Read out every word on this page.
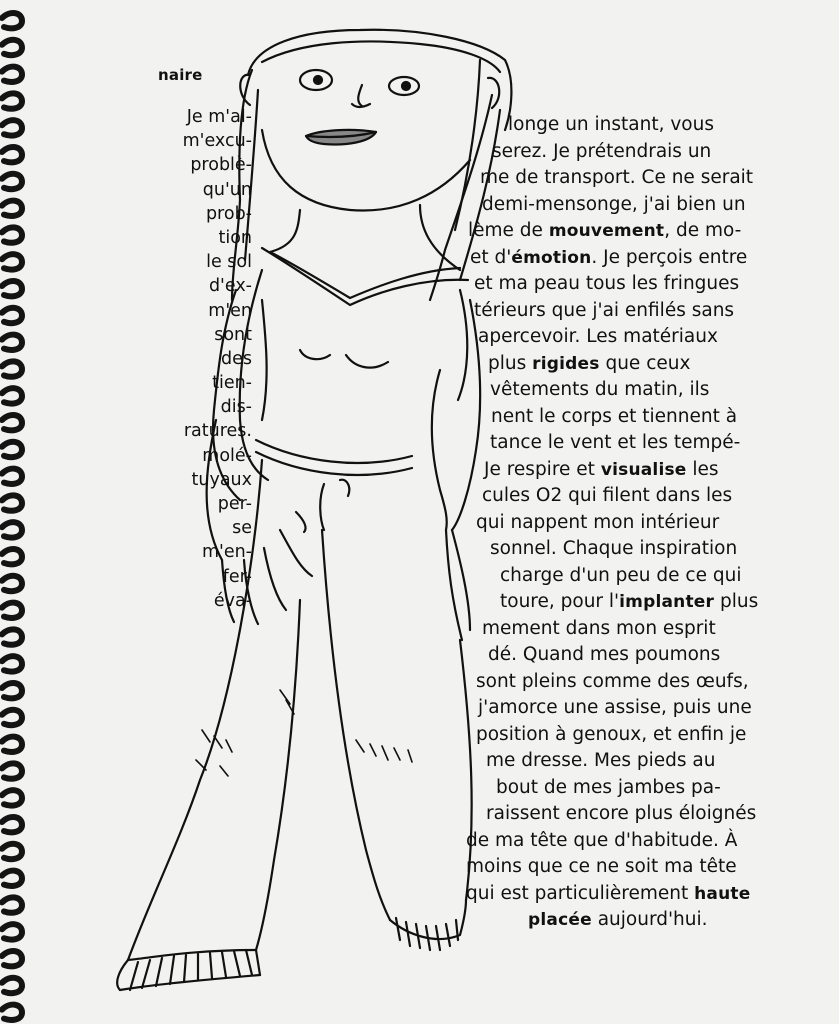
naire
Je m'al-
m'excu-
problè-
qu'un
prob-
tion
le sol
d'ex-
m'en
sont
des
tien-
dis-
ratures.
molé-
tuyaux
per-
se
m'en-
fer-
éva-
longe un instant, vous
serez. Je prétendrais un
me de transport. Ce ne serait
demi-mensonge, j'ai bien un
lème de mouvement, de mo-
et d'émotion. Je perçois entre
et ma peau tous les fringues
térieurs que j'ai enfilés sans
apercevoir. Les matériaux
plus rigides que ceux
vêtements du matin, ils
nent le corps et tiennent à
tance le vent et les tempé-
Je respire et visualise les
cules O2 qui filent dans les
qui nappent mon intérieur
sonnel. Chaque inspiration
charge d'un peu de ce qui
toure, pour l'implanter plus
mement dans mon esprit
dé. Quand mes poumons
sont pleins comme des œufs,
j'amorce une assise, puis une
position à genoux, et enfin je
me dresse. Mes pieds au
bout de mes jambes pa-
raissent encore plus éloignés
de ma tête que d'habitude. À
moins que ce ne soit ma tête
qui est particulièrement haute
placée aujourd'hui.
